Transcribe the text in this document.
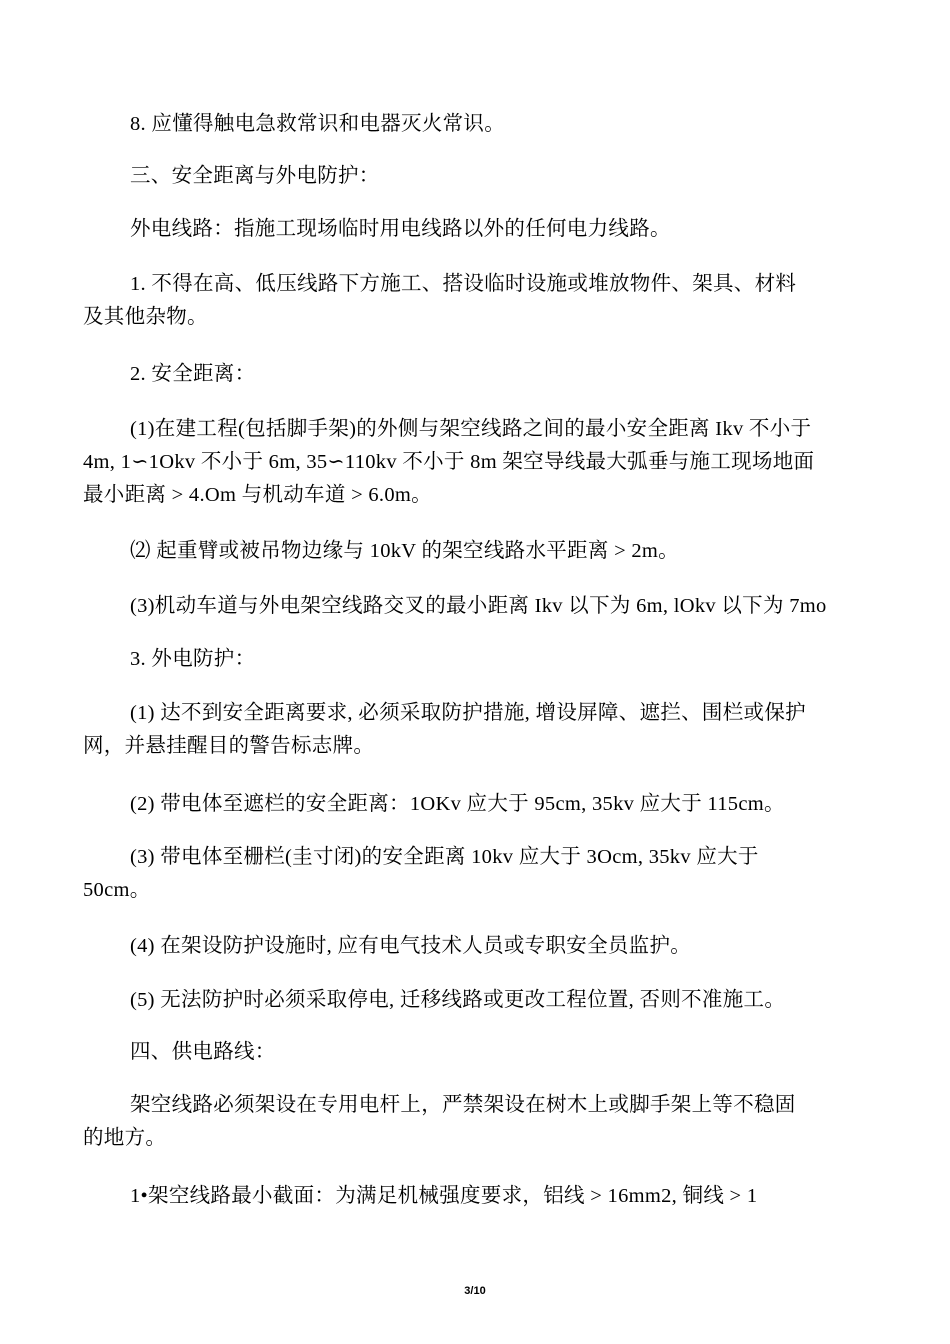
8. 应懂得触电急救常识和电器灭火常识。
三、安全距离与外电防护：
外电线路：指施工现场临时用电线路以外的任何电力线路。
1. 不得在高、低压线路下方施工、搭设临时设施或堆放物件、架具、材料
及其他杂物。
2. 安全距离：
(1)在建工程(包括脚手架)的外侧与架空线路之间的最小安全距离 Ikv 不小于
4m, 1∽1Okv 不小于 6m, 35∽110kv 不小于 8m 架空导线最大弧垂与施工现场地面
最小距离 > 4.Om 与机动车道 > 6.0m。
⑵ 起重臂或被吊物边缘与 10kV 的架空线路水平距离 > 2m。
(3)机动车道与外电架空线路交叉的最小距离 Ikv 以下为 6m, lOkv 以下为 7mo
3. 外电防护：
(1) 达不到安全距离要求, 必须采取防护措施, 增设屏障、遮拦、围栏或保护
网，并悬挂醒目的警告标志牌。
(2) 带电体至遮栏的安全距离：1OKv 应大于 95cm, 35kv 应大于 115cm。
(3) 带电体至栅栏(圭寸闭)的安全距离 10kv 应大于 3Ocm, 35kv 应大于
50cm。
(4) 在架设防护设施时, 应有电气技术人员或专职安全员监护。
(5) 无法防护时必须采取停电, 迁移线路或更改工程位置, 否则不准施工。
四、供电路线：
架空线路必须架设在专用电杆上，严禁架设在树木上或脚手架上等不稳固
的地方。
1•架空线路最小截面：为满足机械强度要求，铝线 > 16mm2, 铜线 > 1
3/10
